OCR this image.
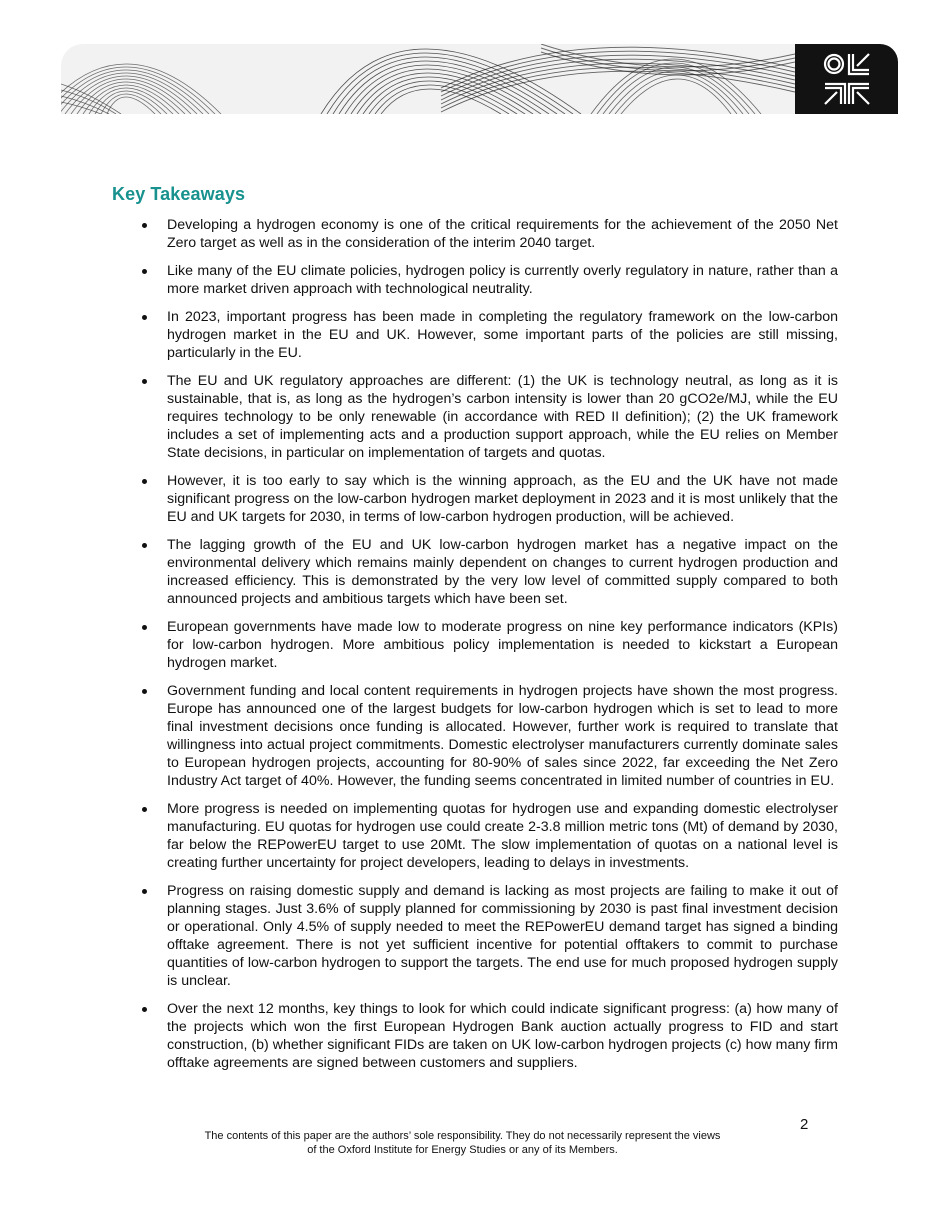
Key Takeaways
Developing a hydrogen economy is one of the critical requirements for the achievement of the 2050 Net Zero target as well as in the consideration of the interim 2040 target.
Like many of the EU climate policies, hydrogen policy is currently overly regulatory in nature, rather than a more market driven approach with technological neutrality.
In 2023, important progress has been made in completing the regulatory framework on the low-carbon hydrogen market in the EU and UK. However, some important parts of the policies are still missing, particularly in the EU.
The EU and UK regulatory approaches are different: (1) the UK is technology neutral, as long as it is sustainable, that is, as long as the hydrogen’s carbon intensity is lower than 20 gCO2e/MJ, while the EU requires technology to be only renewable (in accordance with RED II definition); (2) the UK framework includes a set of implementing acts and a production support approach, while the EU relies on Member State decisions, in particular on implementation of targets and quotas.
However, it is too early to say which is the winning approach, as the EU and the UK have not made significant progress on the low-carbon hydrogen market deployment in 2023 and it is most unlikely that the EU and UK targets for 2030, in terms of low-carbon hydrogen production, will be achieved.
The lagging growth of the EU and UK low-carbon hydrogen market has a negative impact on the environmental delivery which remains mainly dependent on changes to current hydrogen production and increased efficiency. This is demonstrated by the very low level of committed supply compared to both announced projects and ambitious targets which have been set.
European governments have made low to moderate progress on nine key performance indicators (KPIs) for low-carbon hydrogen. More ambitious policy implementation is needed to kickstart a European hydrogen market.
Government funding and local content requirements in hydrogen projects have shown the most progress. Europe has announced one of the largest budgets for low-carbon hydrogen which is set to lead to more final investment decisions once funding is allocated. However, further work is required to translate that willingness into actual project commitments. Domestic electrolyser manufacturers currently dominate sales to European hydrogen projects, accounting for 80-90% of sales since 2022, far exceeding the Net Zero Industry Act target of 40%. However, the funding seems concentrated in limited number of countries in EU.
More progress is needed on implementing quotas for hydrogen use and expanding domestic electrolyser manufacturing. EU quotas for hydrogen use could create 2-3.8 million metric tons (Mt) of demand by 2030, far below the REPowerEU target to use 20Mt. The slow implementation of quotas on a national level is creating further uncertainty for project developers, leading to delays in investments.
Progress on raising domestic supply and demand is lacking as most projects are failing to make it out of planning stages. Just 3.6% of supply planned for commissioning by 2030 is past final investment decision or operational. Only 4.5% of supply needed to meet the REPowerEU demand target has signed a binding offtake agreement. There is not yet sufficient incentive for potential offtakers to commit to purchase quantities of low-carbon hydrogen to support the targets. The end use for much proposed hydrogen supply is unclear.
Over the next 12 months, key things to look for which could indicate significant progress: (a) how many of the projects which won the first European Hydrogen Bank auction actually progress to FID and start construction, (b) whether significant FIDs are taken on UK low-carbon hydrogen projects (c) how many firm offtake agreements are signed between customers and suppliers.
2
The contents of this paper are the authors’ sole responsibility. They do not necessarily represent the views
of the Oxford Institute for Energy Studies or any of its Members.
